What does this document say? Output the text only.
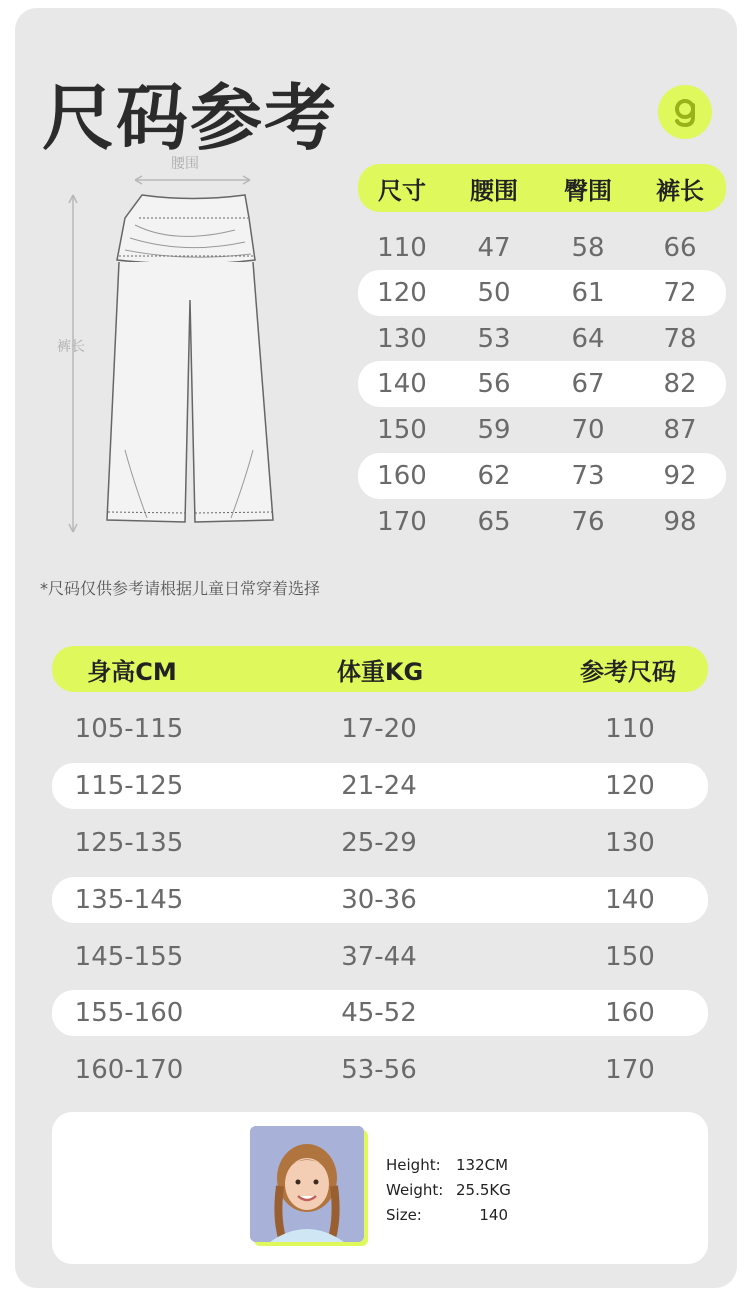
尺码参考
腰围
裤长
尺寸	腰围	臀围	裤长
110	47	58	66
120	50	61	72
130	53	64	78
140	56	67	82
150	59	70	87
160	62	73	92
170	65	76	98
*尺码仅供参考请根据儿童日常穿着选择
身高CM	体重KG	参考尺码
105-115	17-20	110
115-125	21-24	120
125-135	25-29	130
135-145	30-36	140
145-155	37-44	150
155-160	45-52	160
160-170	53-56	170
Height:	132CM
Weight: 25.5KG
Size:	140
